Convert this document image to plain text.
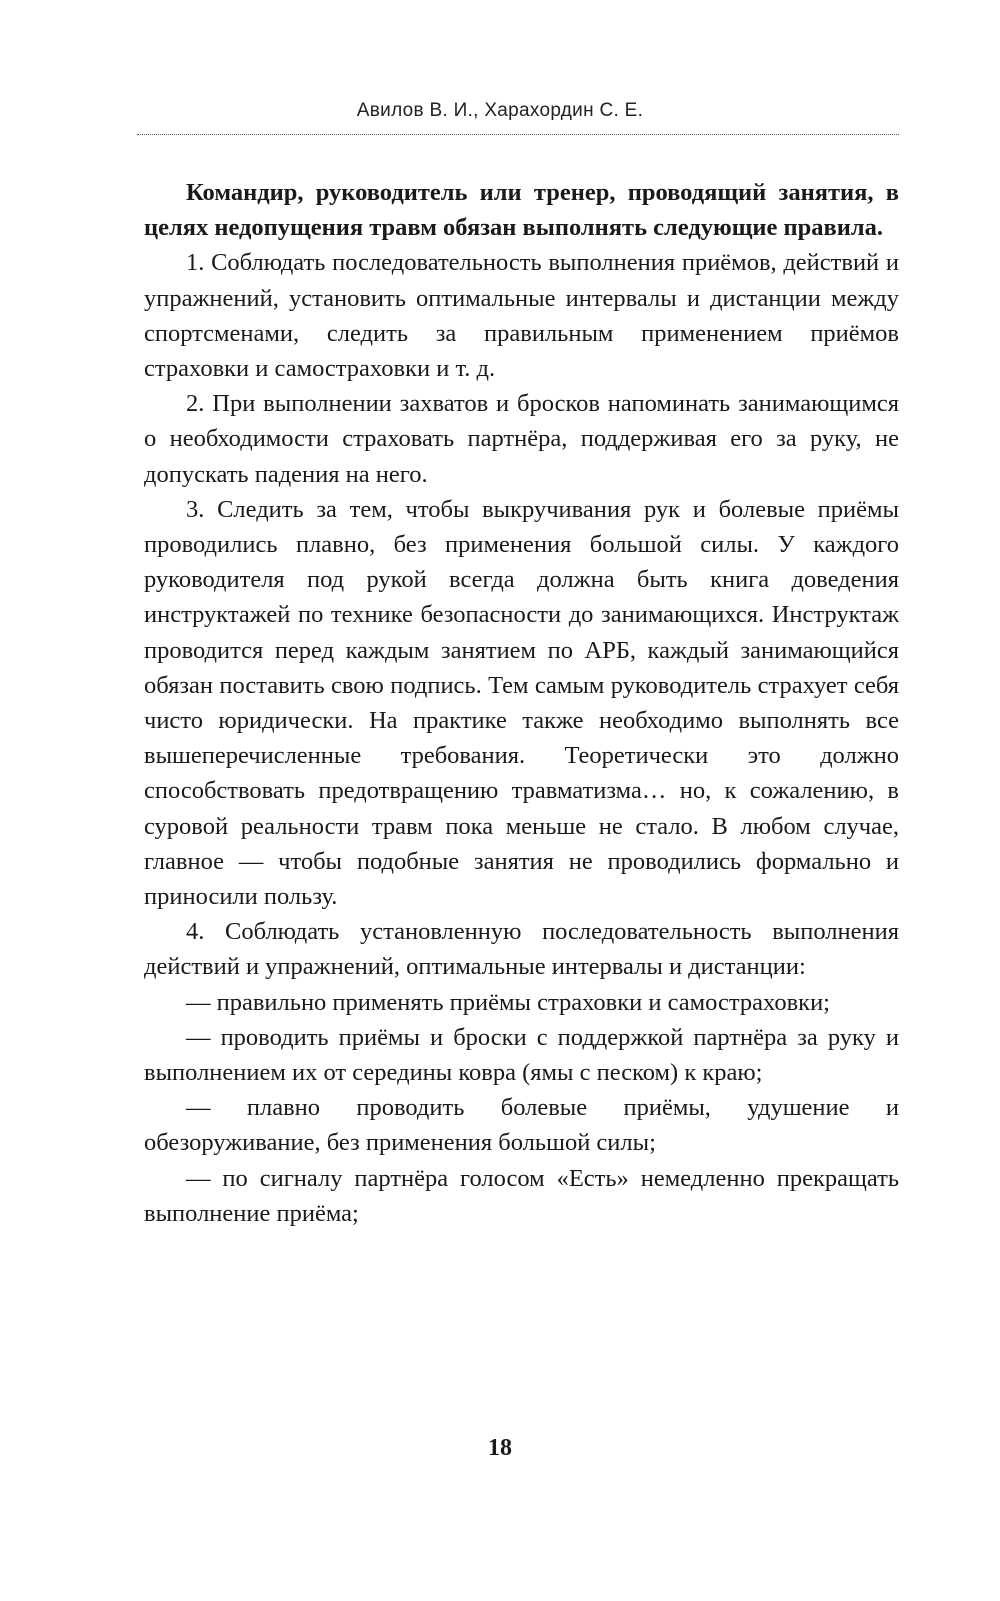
Авилов В. И., Харахордин С. Е.

Командир, руководитель или тренер, проводящий занятия, в целях недопущения травм обязан выполнять следующие правила.

1. Соблюдать последовательность выполнения приёмов, действий и упражнений, установить оптимальные интервалы и дистанции между спортсменами, следить за правильным применением приёмов страховки и самостраховки и т. д.

2. При выполнении захватов и бросков напоминать занимающимся о необходимости страховать партнёра, поддерживая его за руку, не допускать падения на него.

3. Следить за тем, чтобы выкручивания рук и болевые приёмы проводились плавно, без применения большой силы. У каждого руководителя под рукой всегда должна быть книга доведения инструктажей по технике безопасности до занимающихся. Инструктаж проводится перед каждым занятием по АРБ, каждый занимающийся обязан поставить свою подпись. Тем самым руководитель страхует себя чисто юридически. На практике также необходимо выполнять все вышеперечисленные требования. Теоретически это должно способствовать предотвращению травматизма… но, к сожалению, в суровой реальности травм пока меньше не стало. В любом случае, главное — чтобы подобные занятия не проводились формально и приносили пользу.

4. Соблюдать установленную последовательность выполнения действий и упражнений, оптимальные интервалы и дистанции:

— правильно применять приёмы страховки и самостраховки;

— проводить приёмы и броски с поддержкой партнёра за руку и выполнением их от середины ковра (ямы с песком) к краю;

— плавно проводить болевые приёмы, удушение и обезоруживание, без применения большой силы;

— по сигналу партнёра голосом «Есть» немедленно прекращать выполнение приёма;

18
